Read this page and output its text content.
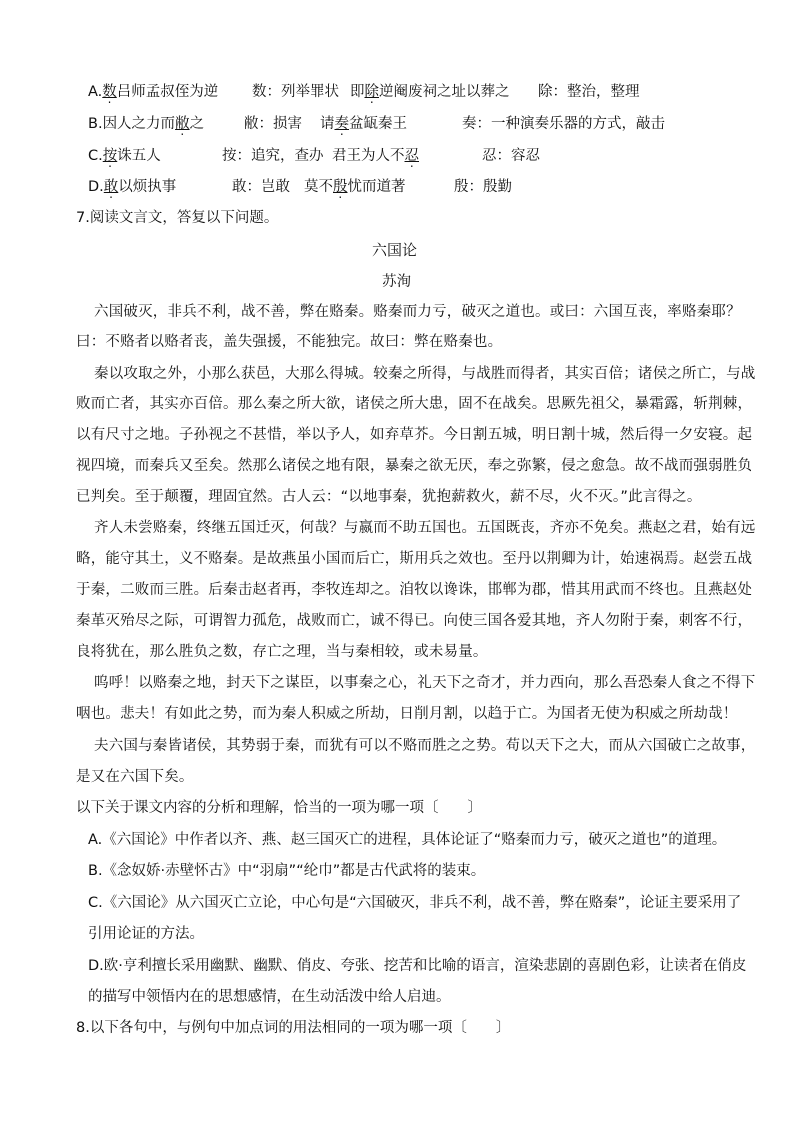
A.数吕师孟叔侄为逆 数：列举罪状 即除逆阉废祠之址以葬之 除：整治，整理
B.因人之力而敝之	敝：损害 请奏盆缻秦王	奏：一种演奏乐器的方式，敲击
C.按诛五人	按：追究，查办 君王为人不忍	忍：容忍
D.敢以烦执事	敢：岂敢 莫不殷忧而道著	殷：殷勤
7.阅读文言文，答复以下问题。
六国论
苏洵
六国破灭，非兵不利，战不善，弊在赂秦。赂秦而力亏，破灭之道也。或曰：六国互丧，率赂秦耶？
曰：不赂者以赂者丧，盖失强援，不能独完。故曰：弊在赂秦也。
秦以攻取之外，小那么获邑，大那么得城。较秦之所得，与战胜而得者，其实百倍；诸侯之所亡，与战
败而亡者，其实亦百倍。那么秦之所大欲，诸侯之所大患，固不在战矣。思厥先祖父，暴霜露，斩荆棘，
以有尺寸之地。子孙视之不甚惜，举以予人，如弃草芥。今日割五城，明日割十城，然后得一夕安寝。起
视四境，而秦兵又至矣。然那么诸侯之地有限，暴秦之欲无厌，奉之弥繁，侵之愈急。故不战而强弱胜负
已判矣。至于颠覆，理固宜然。古人云：“以地事秦，犹抱薪救火，薪不尽，火不灭。”此言得之。
齐人未尝赂秦，终继五国迁灭，何哉？与嬴而不助五国也。五国既丧，齐亦不免矣。燕赵之君，始有远
略，能守其土，义不赂秦。是故燕虽小国而后亡，斯用兵之效也。至丹以荆卿为计，始速祸焉。赵尝五战
于秦，二败而三胜。后秦击赵者再，李牧连却之。洎牧以谗诛，邯郸为郡，惜其用武而不终也。且燕赵处
秦革灭殆尽之际，可谓智力孤危，战败而亡，诚不得已。向使三国各爱其地，齐人勿附于秦，刺客不行，
良将犹在，那么胜负之数，存亡之理，当与秦相较，或未易量。
呜呼！以赂秦之地，封天下之谋臣，以事秦之心，礼天下之奇才，并力西向，那么吾恐秦人食之不得下
咽也。悲夫！有如此之势，而为秦人积威之所劫，日削月割，以趋于亡。为国者无使为积威之所劫哉！
夫六国与秦皆诸侯，其势弱于秦，而犹有可以不赂而胜之之势。苟以天下之大，而从六国破亡之故事，
是又在六国下矣。
以下关于课文内容的分析和理解，恰当的一项为哪一项〔　　〕
A.《六国论》中作者以齐、燕、赵三国灭亡的进程，具体论证了“赂秦而力亏，破灭之道也”的道理。
B.《念奴娇·赤壁怀古》中“羽扇”“纶巾”都是古代武将的装束。
C.《六国论》从六国灭亡立论，中心句是“六国破灭，非兵不利，战不善，弊在赂秦”，论证主要采用了
引用论证的方法。
D.欧·亨利擅长采用幽默、幽默、俏皮、夸张、挖苦和比喻的语言，渲染悲剧的喜剧色彩，让读者在俏皮
的描写中领悟内在的思想感情，在生动活泼中给人启迪。
8.以下各句中，与例句中加点词的用法相同的一项为哪一项〔　　〕
